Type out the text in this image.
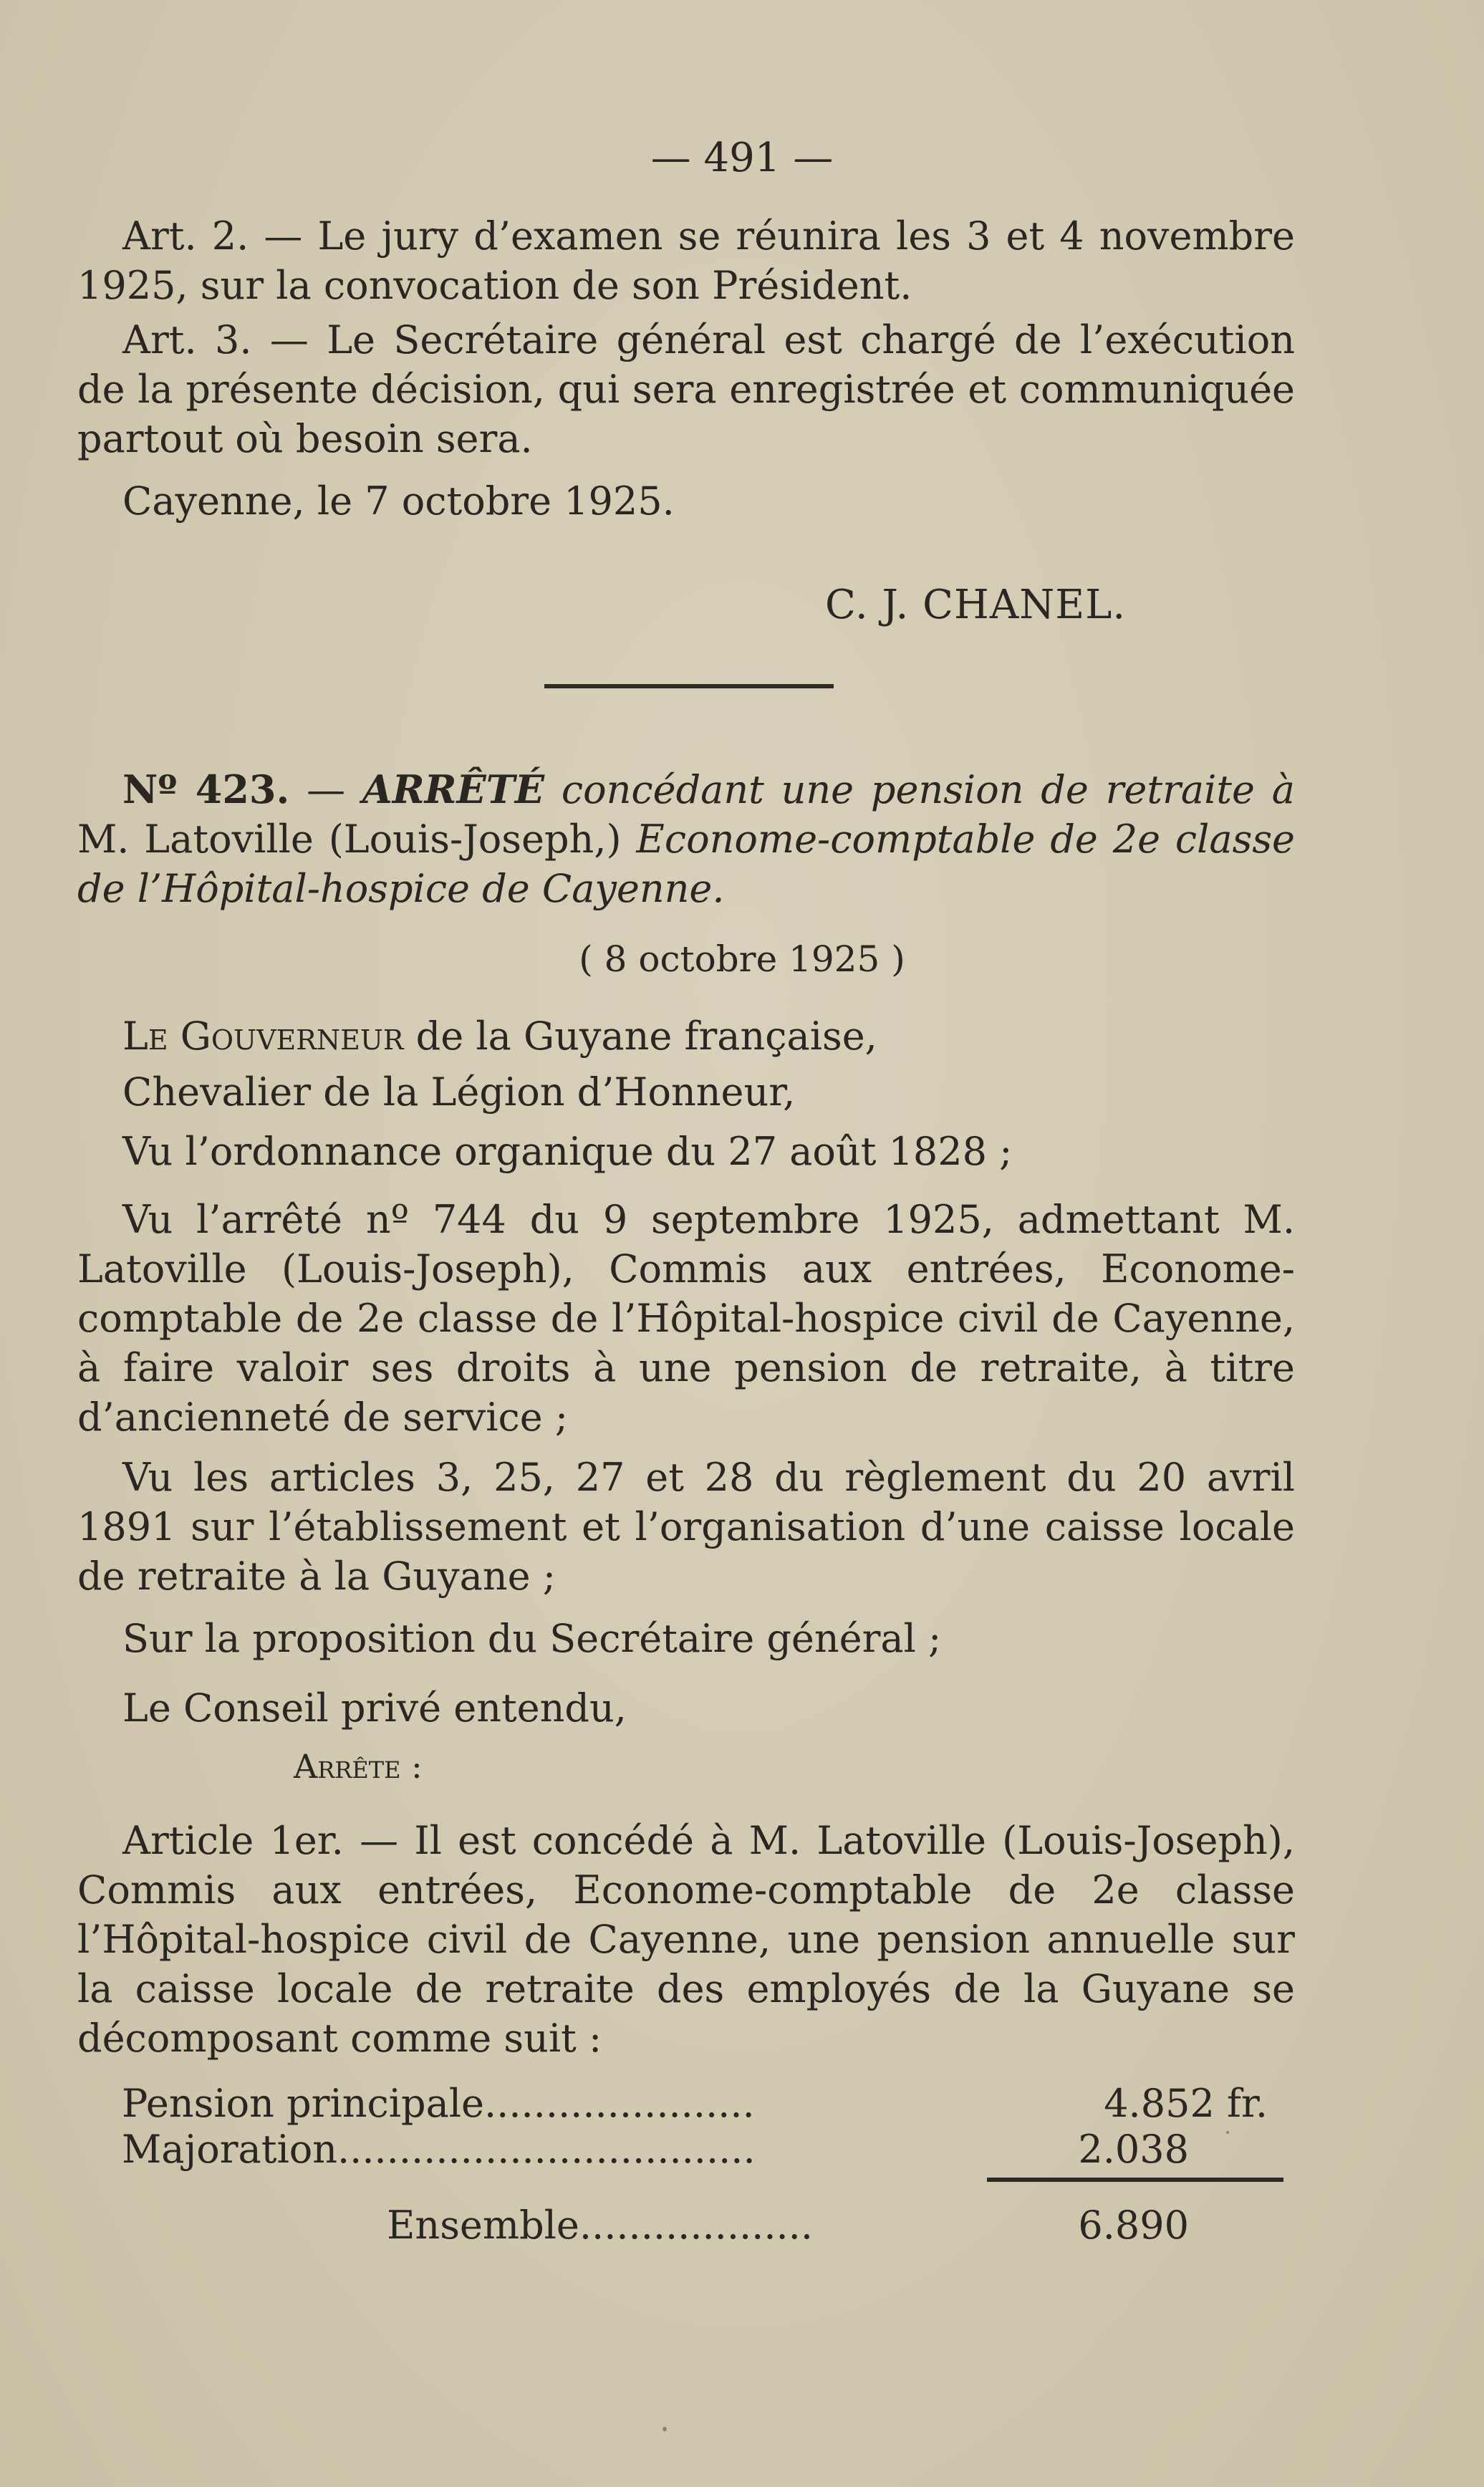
— 491 —

Art. 2. — Le jury d’examen se réunira les 3 et 4 novembre 1925, sur la convocation de son Président.

Art. 3. — Le Secrétaire général est chargé de l’exécution de la présente décision, qui sera enregistrée et communiquée partout où besoin sera.

Cayenne, le 7 octobre 1925.

C. J. CHANEL.

Nº 423. — ARRÊTÉ concédant une pension de retraite à M. Latoville (Louis-Joseph,) Econome-comptable de 2e classe de l’Hôpital-hospice de Cayenne.

( 8 octobre 1925 )

Le Gouverneur de la Guyane française,

Chevalier de la Légion d’Honneur,

Vu l’ordonnance organique du 27 août 1828 ;

Vu l’arrêté nº 744 du 9 septembre 1925, admettant M. Latoville (Louis-Joseph), Commis aux entrées, Econome-comptable de 2e classe de l’Hôpital-hospice civil de Cayenne, à faire valoir ses droits à une pension de retraite, à titre d’ancienneté de service ;

Vu les articles 3, 25, 27 et 28 du règlement du 20 avril 1891 sur l’établissement et l’organisation d’une caisse locale de retraite à la Guyane ;

Sur la proposition du Secrétaire général ;

Le Conseil privé entendu,

Arrête :

Article 1er. — Il est concédé à M. Latoville (Louis-Joseph), Commis aux entrées, Econome-comptable de 2e classe l’Hôpital-hospice civil de Cayenne, une pension annuelle sur la caisse locale de retraite des employés de la Guyane se décomposant comme suit :

Pension principale......................	4.852 fr.
Majoration..................................	2.038
Ensemble...................	6.890
